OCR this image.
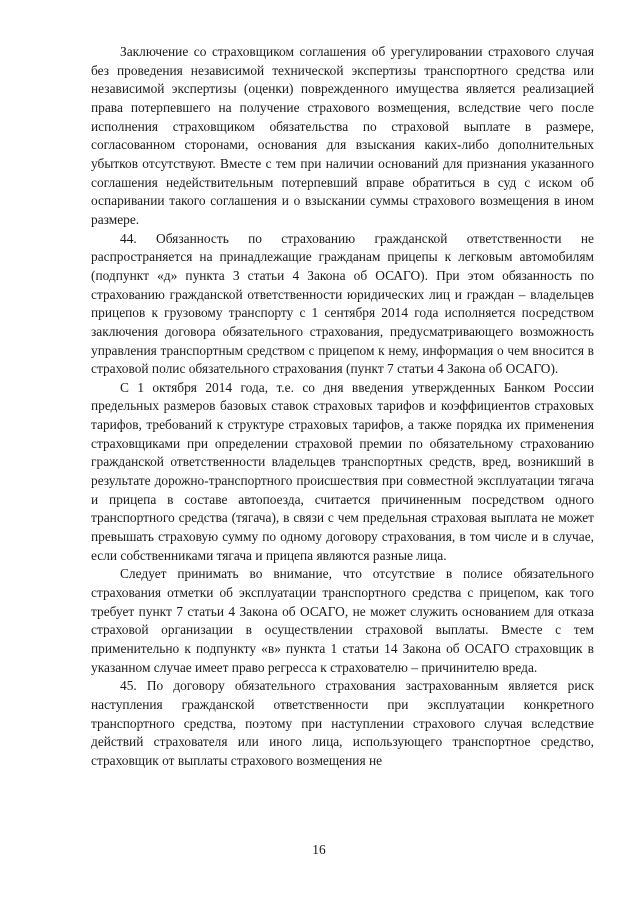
Заключение со страховщиком соглашения об урегулировании страхового случая без проведения независимой технической экспертизы транспортного средства или независимой экспертизы (оценки) поврежденного имущества является реализацией права потерпевшего на получение страхового возмещения, вследствие чего после исполнения страховщиком обязательства по страховой выплате в размере, согласованном сторонами, основания для взыскания каких-либо дополнительных убытков отсутствуют. Вместе с тем при наличии оснований для признания указанного соглашения недействительным потерпевший вправе обратиться в суд с иском об оспаривании такого соглашения и о взыскании суммы страхового возмещения в ином размере.

44. Обязанность по страхованию гражданской ответственности не распространяется на принадлежащие гражданам прицепы к легковым автомобилям (подпункт «д» пункта 3 статьи 4 Закона об ОСАГО). При этом обязанность по страхованию гражданской ответственности юридических лиц и граждан – владельцев прицепов к грузовому транспорту с 1 сентября 2014 года исполняется посредством заключения договора обязательного страхования, предусматривающего возможность управления транспортным средством с прицепом к нему, информация о чем вносится в страховой полис обязательного страхования (пункт 7 статьи 4 Закона об ОСАГО).

С 1 октября 2014 года, т.е. со дня введения утвержденных Банком России предельных размеров базовых ставок страховых тарифов и коэффициентов страховых тарифов, требований к структуре страховых тарифов, а также порядка их применения страховщиками при определении страховой премии по обязательному страхованию гражданской ответственности владельцев транспортных средств, вред, возникший в результате дорожно-транспортного происшествия при совместной эксплуатации тягача и прицепа в составе автопоезда, считается причиненным посредством одного транспортного средства (тягача), в связи с чем предельная страховая выплата не может превышать страховую сумму по одному договору страхования, в том числе и в случае, если собственниками тягача и прицепа являются разные лица.

Следует принимать во внимание, что отсутствие в полисе обязательного страхования отметки об эксплуатации транспортного средства с прицепом, как того требует пункт 7 статьи 4 Закона об ОСАГО, не может служить основанием для отказа страховой организации в осуществлении страховой выплаты. Вместе с тем применительно к подпункту «в» пункта 1 статьи 14 Закона об ОСАГО страховщик в указанном случае имеет право регресса к страхователю – причинителю вреда.

45. По договору обязательного страхования застрахованным является риск наступления гражданской ответственности при эксплуатации конкретного транспортного средства, поэтому при наступлении страхового случая вследствие действий страхователя или иного лица, использующего транспортное средство, страховщик от выплаты страхового возмещения не

16
